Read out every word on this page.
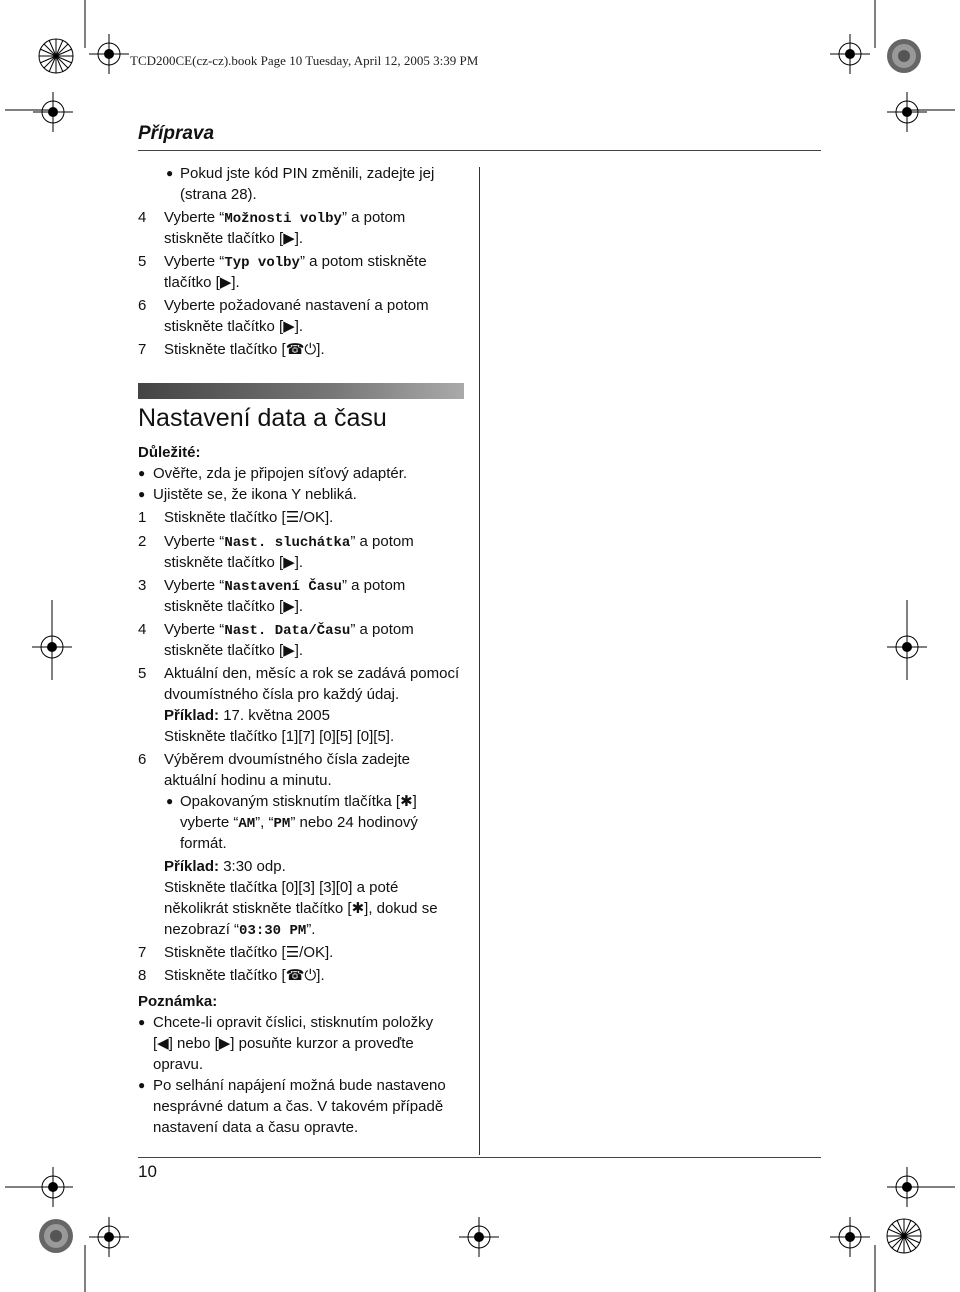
TCD200CE(cz-cz).book Page 10 Tuesday, April 12, 2005 3:39 PM
Příprava
● Pokud jste kód PIN změnili, zadejte jej
(strana 28).
4 Vyberte “Možnosti volby” a potom
stiskněte tlačítko [▶].
5 Vyberte “Typ volby” a potom stiskněte
tlačítko [▶].
6 Vyberte požadované nastavení a potom
stiskněte tlačítko [▶].
7 Stiskněte tlačítko [☎⏻].
Nastavení data a času
Důležité:
● Ověřte, zda je připojen síťový adaptér.
● Ujistěte se, že ikona Y nebliká.
1 Stiskněte tlačítko [☰/OK].
2 Vyberte “Nast. sluchátka” a potom
stiskněte tlačítko [▶].
3 Vyberte “Nastavení Času” a potom
stiskněte tlačítko [▶].
4 Vyberte “Nast. Data/Času” a potom
stiskněte tlačítko [▶].
5 Aktuální den, měsíc a rok se zadává pomocí
dvoumístného čísla pro každý údaj.
Příklad: 17. května 2005
Stiskněte tlačítko [1][7] [0][5] [0][5].
6 Výběrem dvoumístného čísla zadejte
aktuální hodinu a minutu.
● Opakovaným stisknutím tlačítka [✱]
vyberte “AM”, “PM” nebo 24 hodinový
formát.
Příklad: 3:30 odp.
Stiskněte tlačítka [0][3] [3][0] a poté
několikrát stiskněte tlačítko [✱], dokud se
nezobrazí “03:30 PM”.
7 Stiskněte tlačítko [☰/OK].
8 Stiskněte tlačítko [☎⏻].
Poznámka:
● Chcete-li opravit číslici, stisknutím položky
[◀] nebo [▶] posuňte kurzor a proveďte
opravu.
● Po selhání napájení možná bude nastaveno
nesprávné datum a čas. V takovém případě
nastavení data a času opravte.
10
